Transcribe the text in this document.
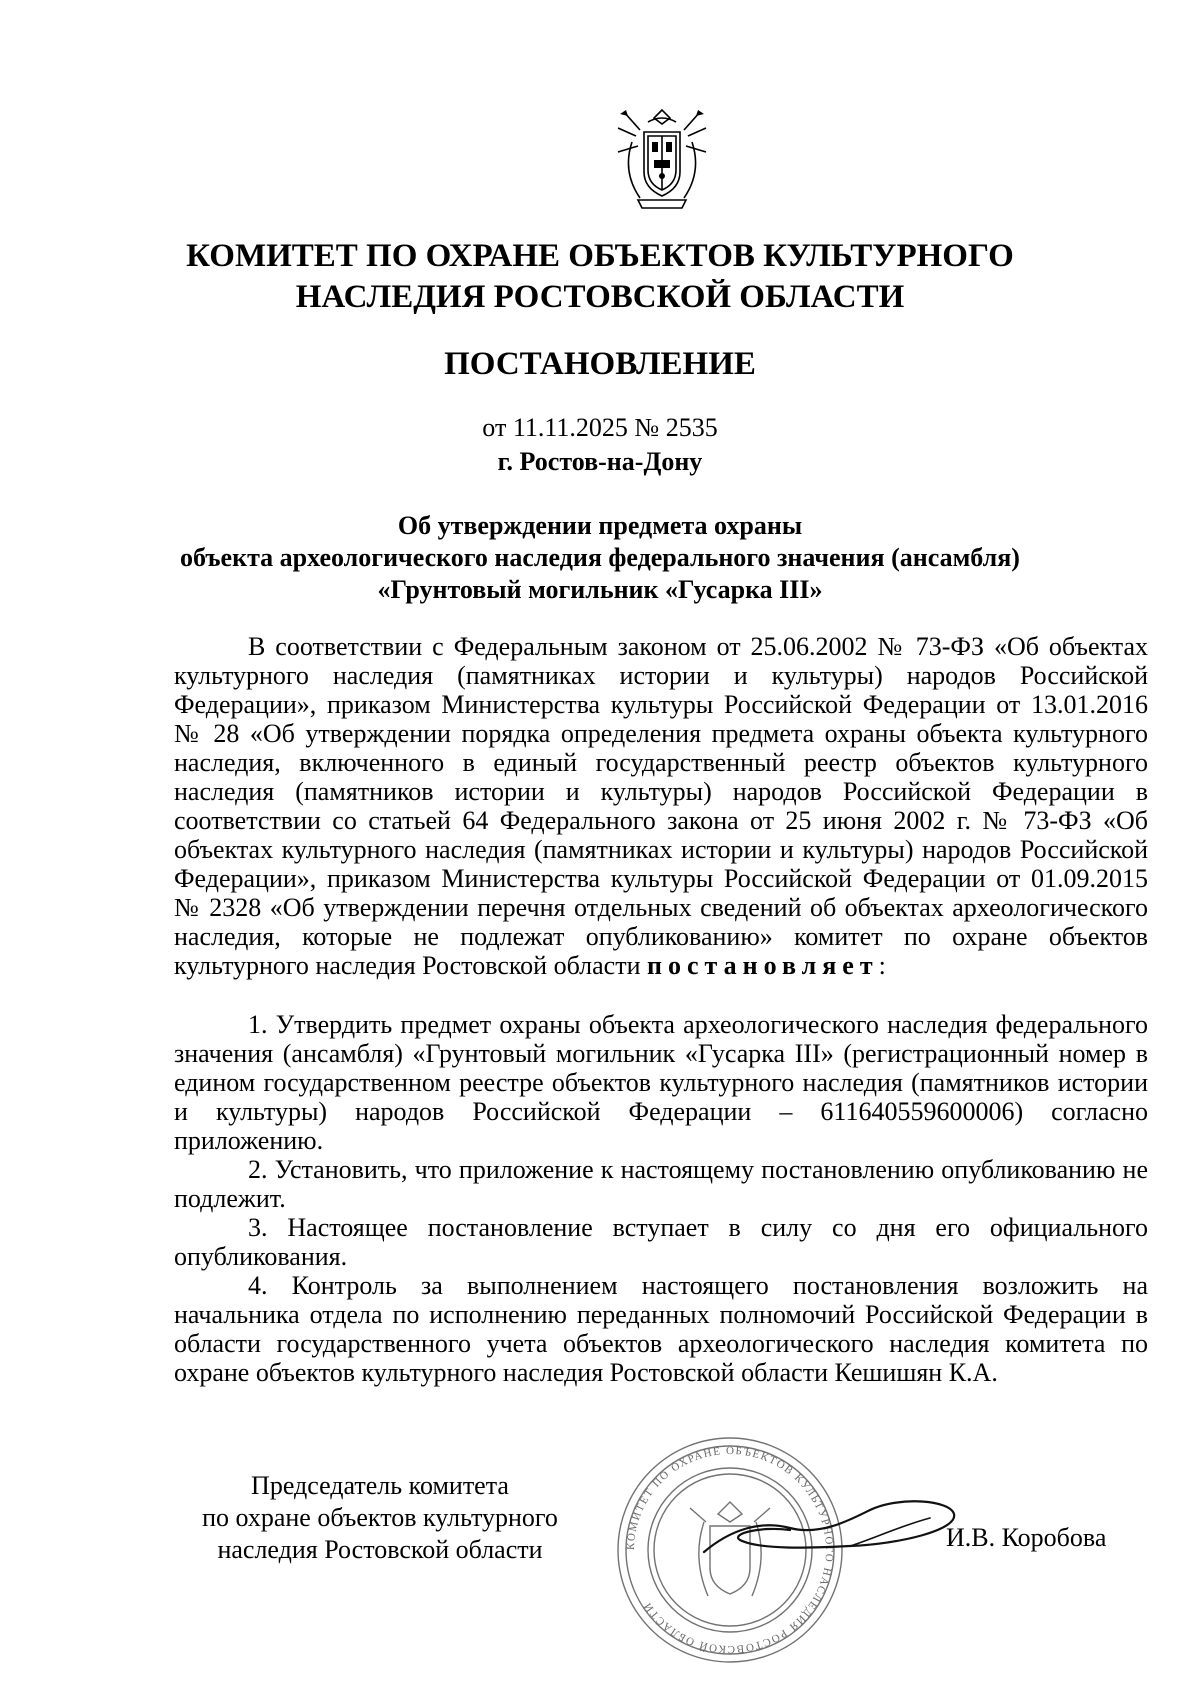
КОМИТЕТ ПО ОХРАНЕ ОБЪЕКТОВ КУЛЬТУРНОГО
НАСЛЕДИЯ РОСТОВСКОЙ ОБЛАСТИ
ПОСТАНОВЛЕНИЕ
от 11.11.2025 № 2535
г. Ростов-на-Дону
Об утверждении предмета охраны
объекта археологического наследия федерального значения (ансамбля)
«Грунтовый могильник «Гусарка III»

В соответствии с Федеральным законом от 25.06.2002 № 73-ФЗ «Об объектах культурного наследия (памятниках истории и культуры) народов Российской Федерации», приказом Министерства культуры Российской Федерации от 13.01.2016 № 28 «Об утверждении порядка определения предмета охраны объекта культурного наследия, включенного в единый государственный реестр объектов культурного наследия (памятников истории и культуры) народов Российской Федерации в соответствии со статьей 64 Федерального закона от 25 июня 2002 г. № 73-ФЗ «Об объектах культурного наследия (памятниках истории и культуры) народов Российской Федерации», приказом Министерства культуры Российской Федерации от 01.09.2015 № 2328 «Об утверждении перечня отдельных сведений об объектах археологического наследия, которые не подлежат опубликованию» комитет по охране объектов культурного наследия Ростовской области постановляет:

1. Утвердить предмет охраны объекта археологического наследия федерального значения (ансамбля) «Грунтовый могильник «Гусарка III» (регистрационный номер в едином государственном реестре объектов культурного наследия (памятников истории и культуры) народов Российской Федерации – 611640559600006) согласно приложению.

2. Установить, что приложение к настоящему постановлению опубликованию не подлежит.

3. Настоящее постановление вступает в силу со дня его официального опубликования.

4. Контроль за выполнением настоящего постановления возложить на начальника отдела по исполнению переданных полномочий Российской Федерации в области государственного учета объектов археологического наследия комитета по охране объектов культурного наследия Ростовской области Кешишян К.А.

Председатель комитета
по охране объектов культурного
наследия Ростовской области	КОМИТЕТ ПО ОХРАНЕ ОБЪЕКТОВ КУЛЬТУРНОГО НАСЛЕДИЯ РОСТОВСКОЙ ОБЛАСТИ
И.В. Коробова
